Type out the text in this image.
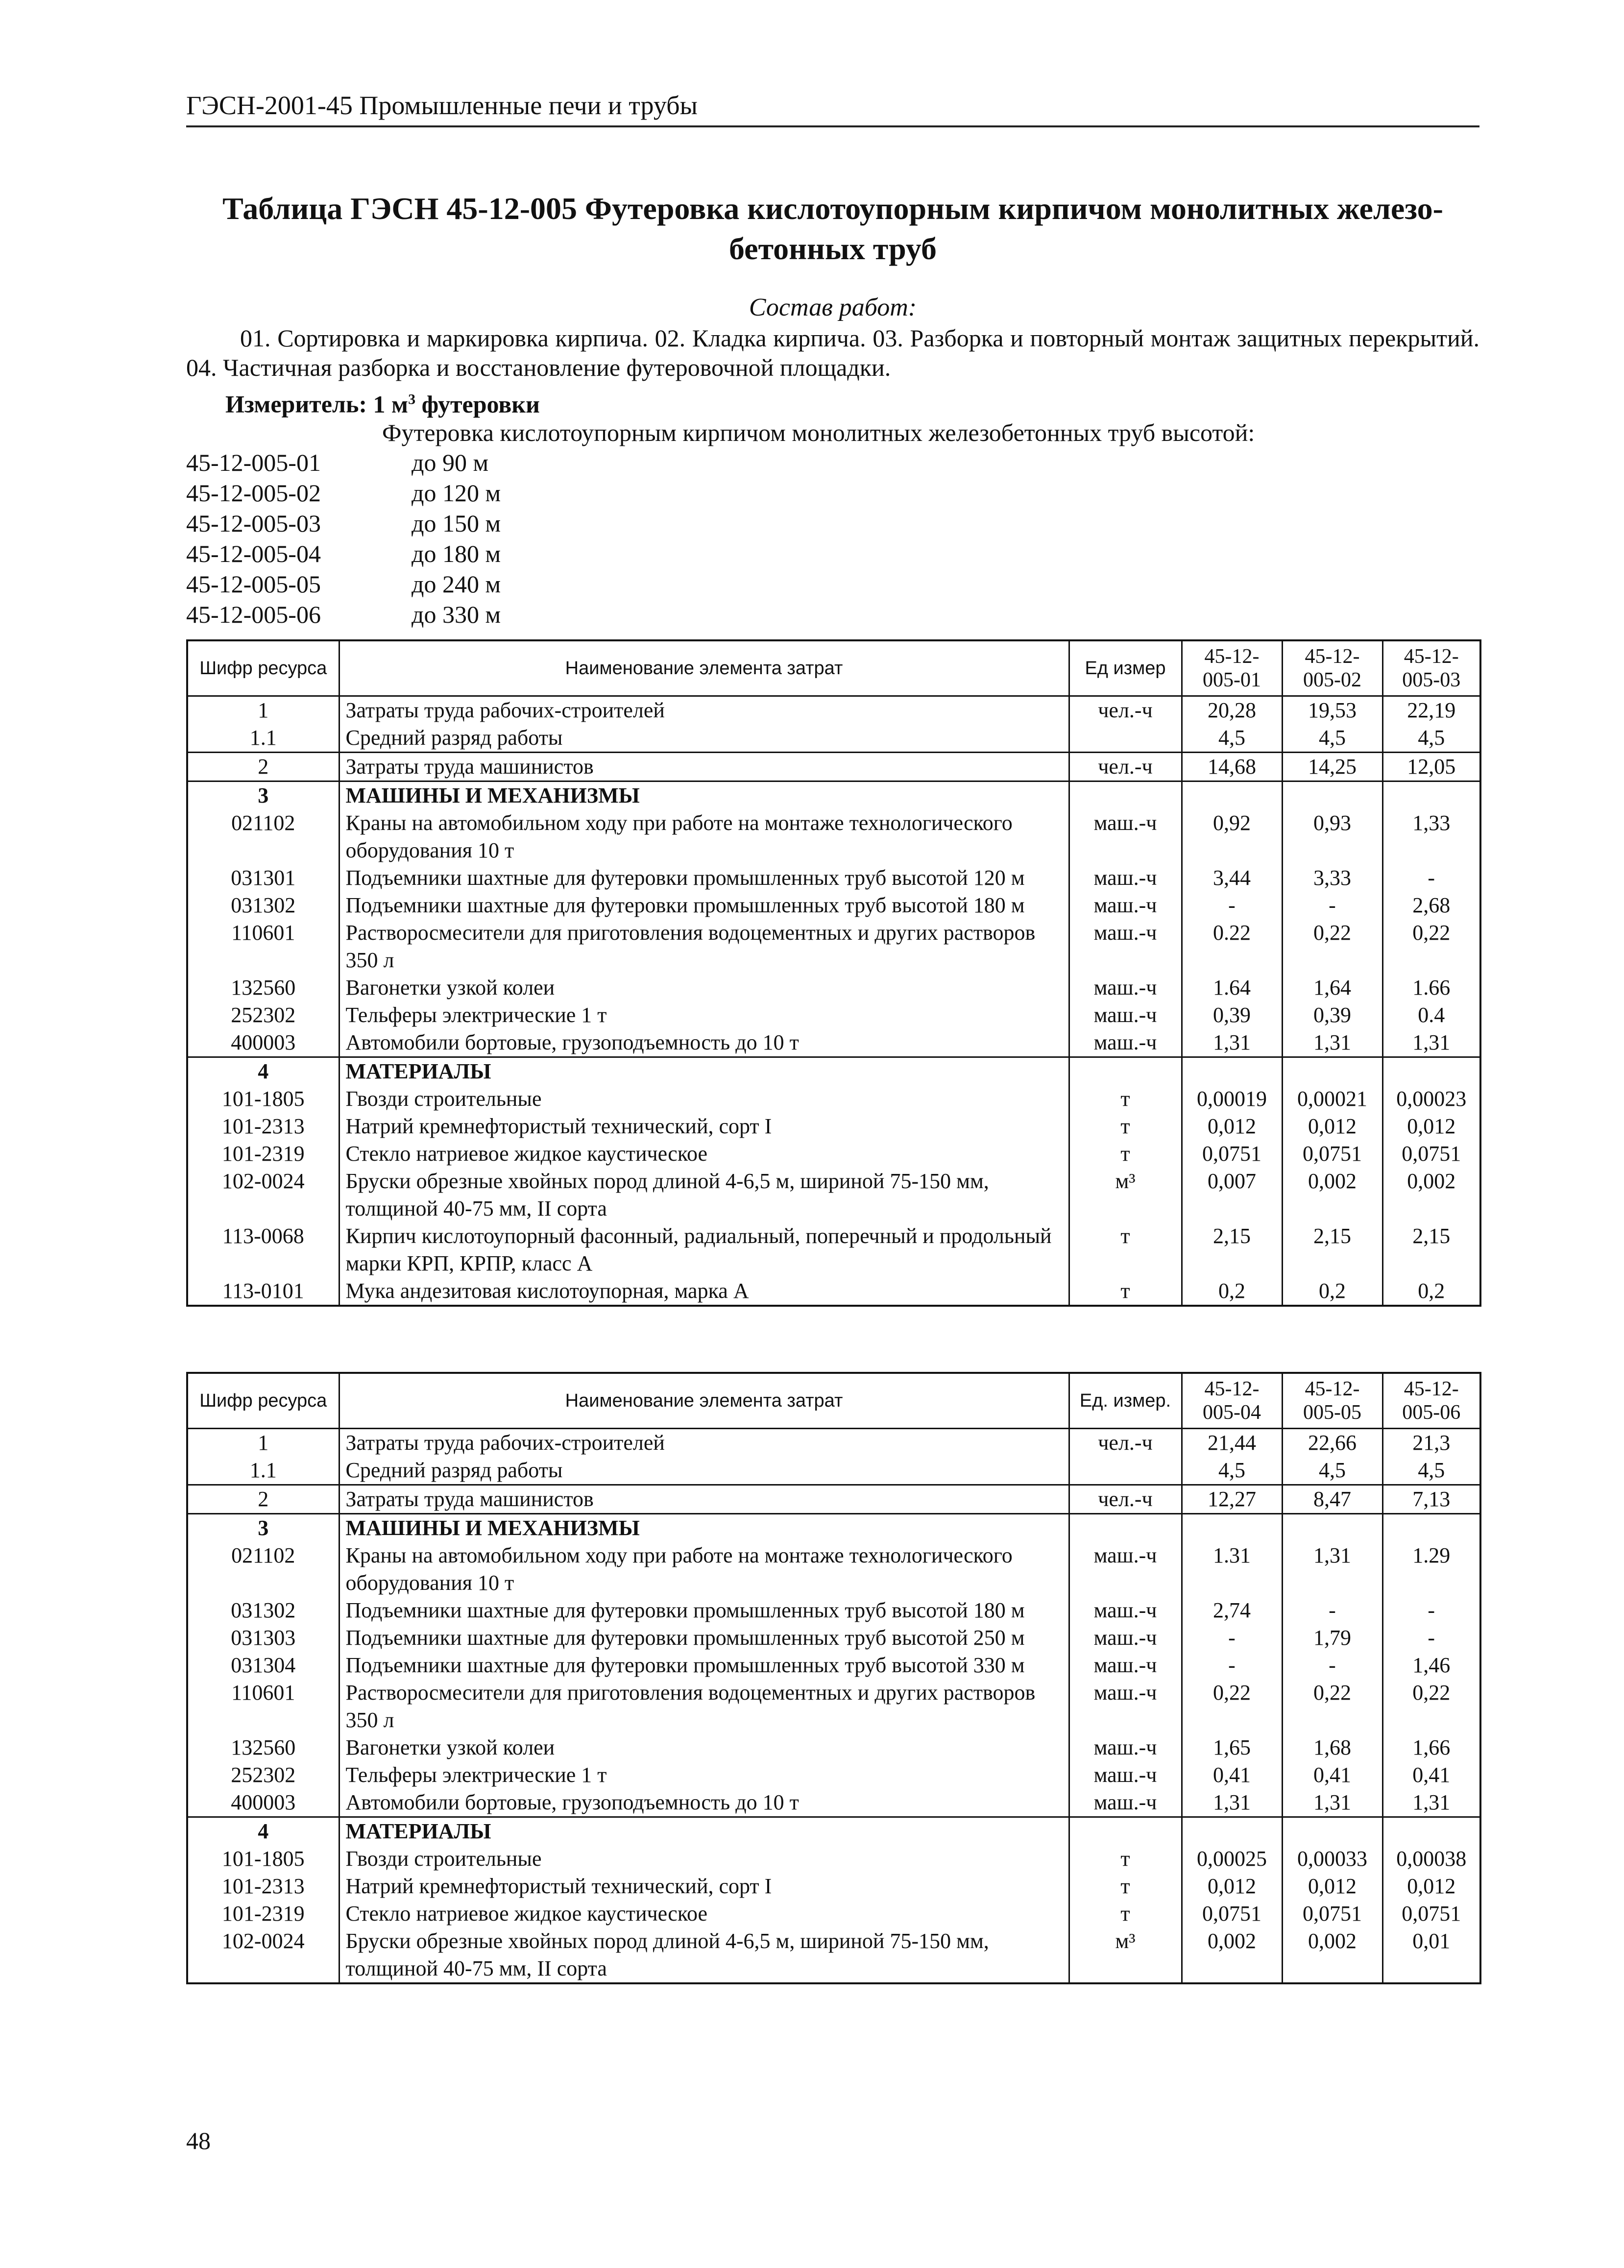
ГЭСН-2001-45 Промышленные печи и трубы
Таблица ГЭСН 45-12-005 Футеровка кислотоупорным кирпичом монолитных железо-
бетонных труб
Состав работ:
01. Сортировка и маркировка кирпича. 02. Кладка кирпича. 03. Разборка и повторный монтаж защитных перекрытий. 04. Частичная разборка и восстановление футеровочной площадки.
Измеритель: 1 $м^3$ футеровки
Футеровка кислотоупорным кирпичом монолитных железобетонных труб высотой:
45-12-005-01	до 90 м
45-12-005-02	до 120 м
45-12-005-03	до 150 м
45-12-005-04	до 180 м
45-12-005-05	до 240 м
45-12-005-06	до 330 м
Шифр ресурса	Наименование элемента затрат	Ед измер	45-12-005-01	45-12-005-02	45-12-005-03
1	Затраты труда рабочих-строителей	чел.-ч	20,28	19,53	22,19
1.1	Средний разряд работы		4,5	4,5	4,5
2	Затраты труда машинистов	чел.-ч	14,68	14,25	12,05
3	МАШИНЫ И МЕХАНИЗМЫ				
021102	Краны на автомобильном ходу при работе на монтаже технологического оборудования 10 т	маш.-ч	0,92	0,93	1,33
031301	Подъемники шахтные для футеровки промышленных труб высотой 120 м	маш.-ч	3,44	3,33	-
031302	Подъемники шахтные для футеровки промышленных труб высотой 180 м	маш.-ч	-	-	2,68
110601	Растворосмесители для приготовления водоцементных и других растворов 350 л	маш.-ч	0.22	0,22	0,22
132560	Вагонетки узкой колеи	маш.-ч	1.64	1,64	1.66
252302	Тельферы электрические 1 т	маш.-ч	0,39	0,39	0.4
400003	Автомобили бортовые, грузоподъемность до 10 т	маш.-ч	1,31	1,31	1,31
4	МАТЕРИАЛЫ				
101-1805	Гвозди строительные	т	0,00019	0,00021	0,00023
101-2313	Натрий кремнефтористый технический, сорт I	т	0,012	0,012	0,012
101-2319	Стекло натриевое жидкое каустическое	т	0,0751	0,0751	0,0751
102-0024	Бруски обрезные хвойных пород длиной 4-6,5 м, шириной 75-150 мм, толщиной 40-75 мм, II сорта	м³	0,007	0,002	0,002
113-0068	Кирпич кислотоупорный фасонный, радиальный, поперечный и продольный марки КРП, КРПР, класс А	т	2,15	2,15	2,15
113-0101	Мука андезитовая кислотоупорная, марка А	т	0,2	0,2	0,2
Шифр ресурса	Наименование элемента затрат	Ед. измер.	45-12-005-04	45-12-005-05	45-12-005-06
1	Затраты труда рабочих-строителей	чел.-ч	21,44	22,66	21,3
1.1	Средний разряд работы		4,5	4,5	4,5
2	Затраты труда машинистов	чел.-ч	12,27	8,47	7,13
3	МАШИНЫ И МЕХАНИЗМЫ				
021102	Краны на автомобильном ходу при работе на монтаже технологического оборудования 10 т	маш.-ч	1.31	1,31	1.29
031302	Подъемники шахтные для футеровки промышленных труб высотой 180 м	маш.-ч	2,74	-	-
031303	Подъемники шахтные для футеровки промышленных труб высотой 250 м	маш.-ч	-	1,79	-
031304	Подъемники шахтные для футеровки промышленных труб высотой 330 м	маш.-ч	-	-	1,46
110601	Растворосмесители для приготовления водоцементных и других растворов 350 л	маш.-ч	0,22	0,22	0,22
132560	Вагонетки узкой колеи	маш.-ч	1,65	1,68	1,66
252302	Тельферы электрические 1 т	маш.-ч	0,41	0,41	0,41
400003	Автомобили бортовые, грузоподъемность до 10 т	маш.-ч	1,31	1,31	1,31
4	МАТЕРИАЛЫ				
101-1805	Гвозди строительные	т	0,00025	0,00033	0,00038
101-2313	Натрий кремнефтористый технический, сорт I	т	0,012	0,012	0,012
101-2319	Стекло натриевое жидкое каустическое	т	0,0751	0,0751	0,0751
102-0024	Бруски обрезные хвойных пород длиной 4-6,5 м, шириной 75-150 мм, толщиной 40-75 мм, II сорта	м³	0,002	0,002	0,01
48
